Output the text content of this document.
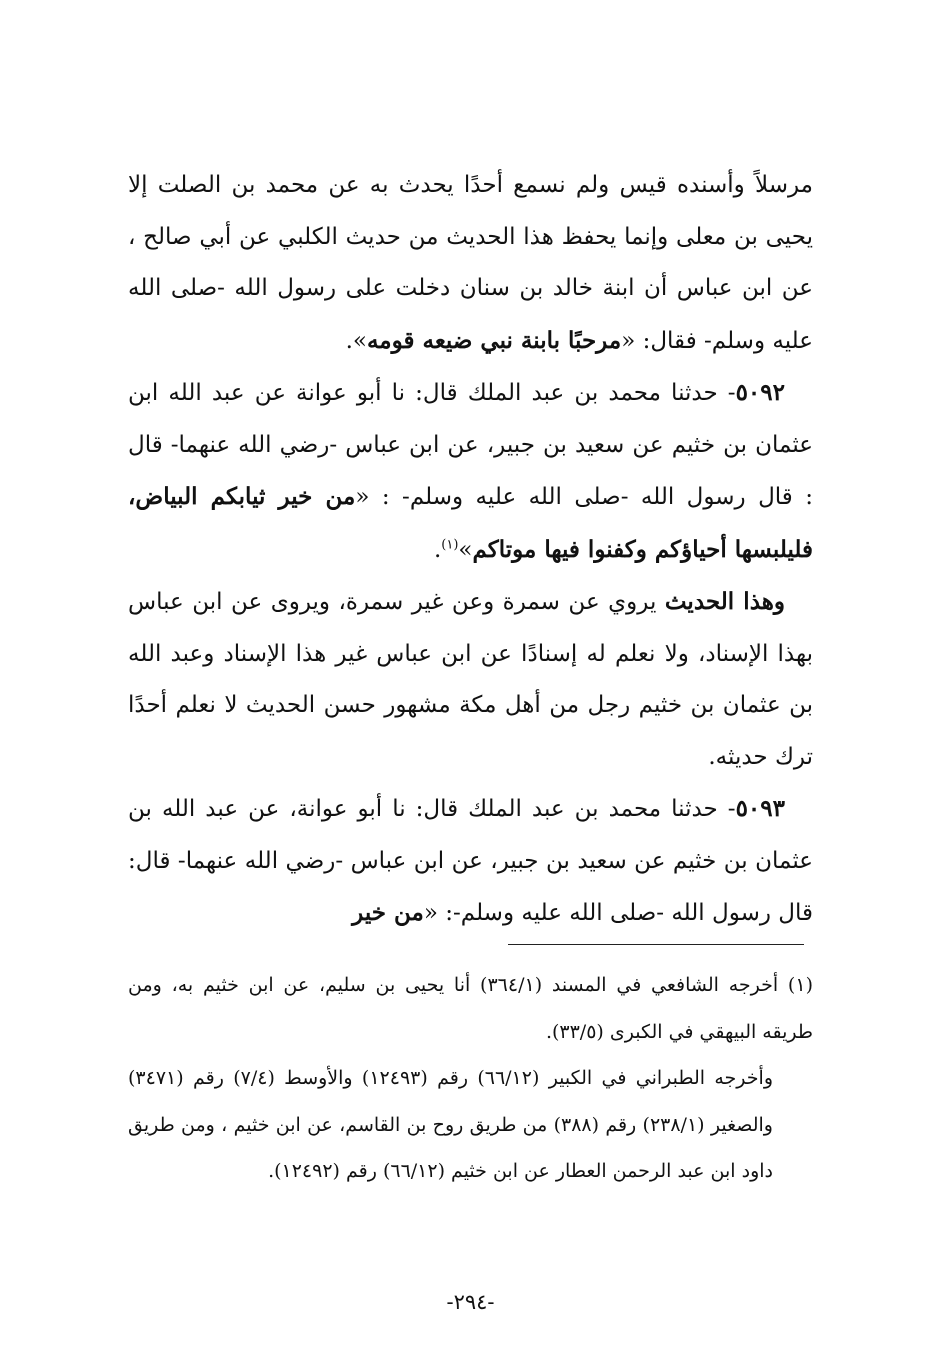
مرسلاً وأسنده قيس ولم نسمع أحدًا يحدث به عن محمد بن الصلت إلا يحيى بن معلى وإنما يحفظ هذا الحديث من حديث الكلبي عن أبي صالح ، عن ابن عباس أن ابنة خالد بن سنان دخلت على رسول الله -صلى الله عليه وسلم- فقال: «مرحبًا بابنة نبي ضيعه قومه».

٥٠٩٢- حدثنا محمد بن عبد الملك قال: نا أبو عوانة عن عبد الله ابن عثمان بن خثيم عن سعيد بن جبير، عن ابن عباس -رضي الله عنهما- قال : قال رسول الله -صلى الله عليه وسلم- : «من خير ثيابكم البياض، فليلبسها أحياؤكم وكفنوا فيها موتاكم»$^{(١)}$.

وهذا الحديث يروي عن سمرة وعن غير سمرة، ويروى عن ابن عباس بهذا الإسناد، ولا نعلم له إسنادًا عن ابن عباس غير هذا الإسناد وعبد الله بن عثمان بن خثيم رجل من أهل مكة مشهور حسن الحديث لا نعلم أحدًا ترك حديثه.

٥٠٩٣- حدثنا محمد بن عبد الملك قال: نا أبو عوانة، عن عبد الله بن عثمان بن خثيم عن سعيد بن جبير، عن ابن عباس -رضي الله عنهما- قال: قال رسول الله -صلى الله عليه وسلم-: «من خير

(١) أخرجه الشافعي في المسند (٣٦٤/١) أنا يحيى بن سليم، عن ابن خثيم به، ومن طريقه البيهقي في الكبرى (٣٣/٥).

وأخرجه الطبراني في الكبير (٦٦/١٢) رقم (١٢٤٩٣) والأوسط (٧/٤) رقم (٣٤٧١) والصغير (٢٣٨/١) رقم (٣٨٨) من طريق روح بن القاسم، عن ابن خثيم ، ومن طريق داود ابن عبد الرحمن العطار عن ابن خثيم (٦٦/١٢) رقم (١٢٤٩٢).

-٢٩٤-
